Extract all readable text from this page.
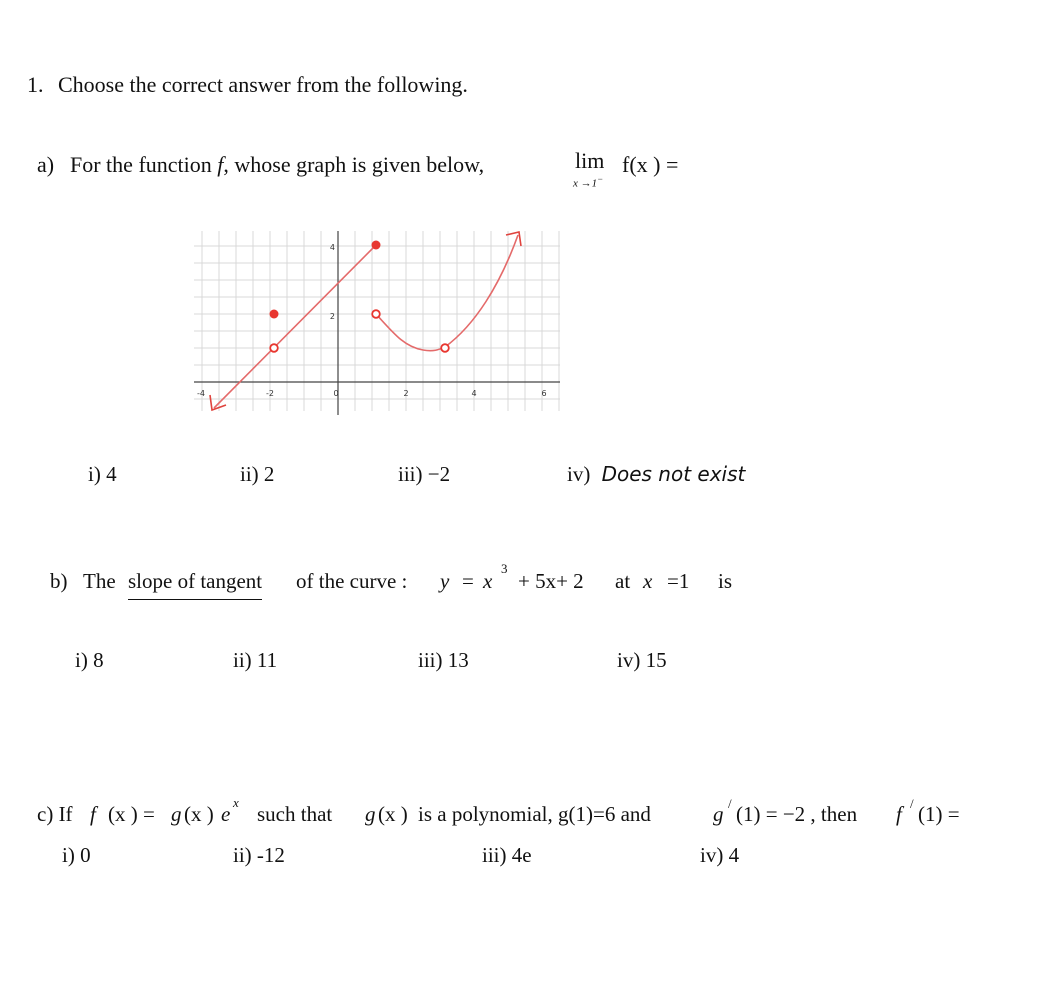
1. Choose the correct answer from the following.
a) For the function f, whose graph is given below,	lim
x →1−
f(x ) =
-4	-2	0	2	4	6
2
4
i) 4	ii) 2	iii) −2	iv) Does not exist
b) The slope of tangent of the curve : y = x
3
+ 5x+ 2 at x =1 is
i) 8	ii) 11	iii) 13	iv) 15
c) If f (x ) = g (x ) e x such that g (x ) is a polynomial, g(1)=6 and	g / (1) = −2 , then f / (1) =
i) 0	ii) -12	iii) 4e	iv) 4
